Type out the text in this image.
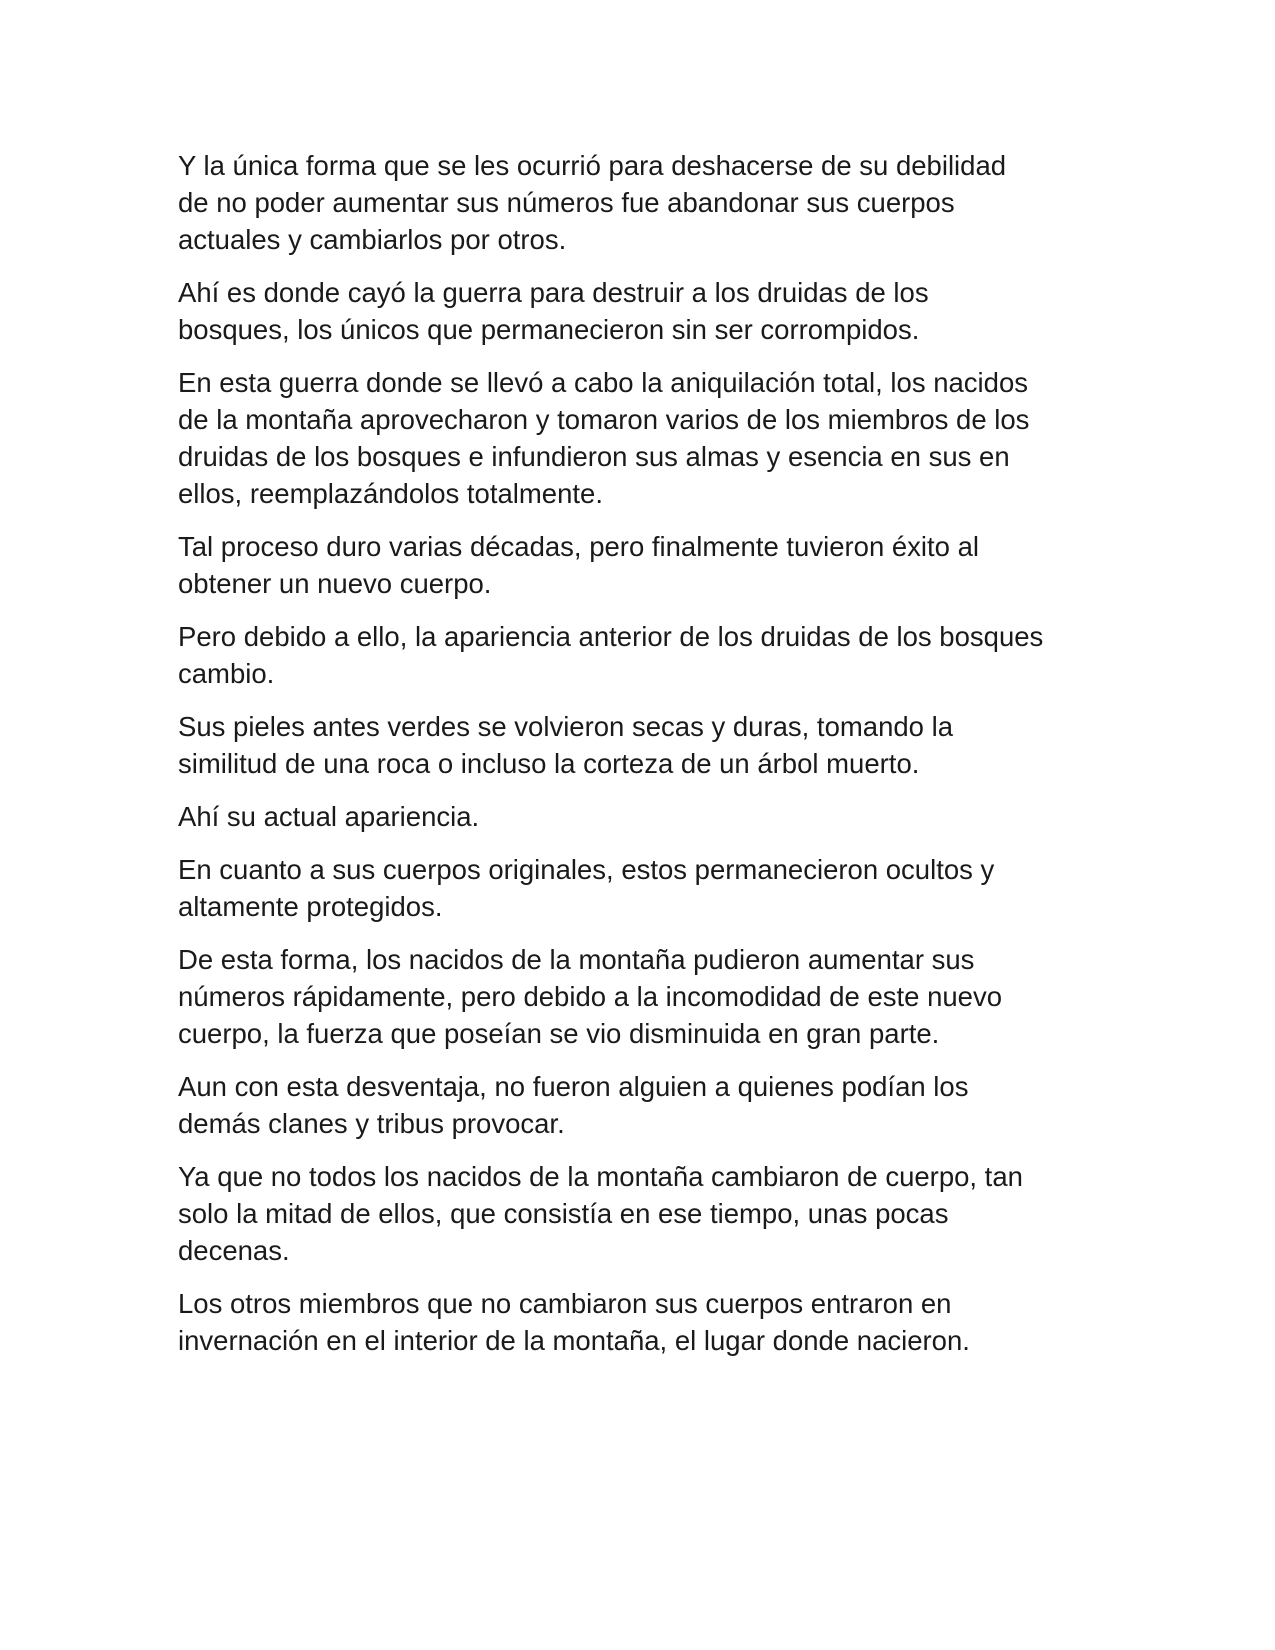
Y la única forma que se les ocurrió para deshacerse de su debilidad
de no poder aumentar sus números fue abandonar sus cuerpos
actuales y cambiarlos por otros.

Ahí es donde cayó la guerra para destruir a los druidas de los
bosques, los únicos que permanecieron sin ser corrompidos.

En esta guerra donde se llevó a cabo la aniquilación total, los nacidos
de la montaña aprovecharon y tomaron varios de los miembros de los
druidas de los bosques e infundieron sus almas y esencia en sus en
ellos, reemplazándolos totalmente.

Tal proceso duro varias décadas, pero finalmente tuvieron éxito al
obtener un nuevo cuerpo.

Pero debido a ello, la apariencia anterior de los druidas de los bosques
cambio.

Sus pieles antes verdes se volvieron secas y duras, tomando la
similitud de una roca o incluso la corteza de un árbol muerto.

Ahí su actual apariencia.

En cuanto a sus cuerpos originales, estos permanecieron ocultos y
altamente protegidos.

De esta forma, los nacidos de la montaña pudieron aumentar sus
números rápidamente, pero debido a la incomodidad de este nuevo
cuerpo, la fuerza que poseían se vio disminuida en gran parte.

Aun con esta desventaja, no fueron alguien a quienes podían los
demás clanes y tribus provocar.

Ya que no todos los nacidos de la montaña cambiaron de cuerpo, tan
solo la mitad de ellos, que consistía en ese tiempo, unas pocas
decenas.

Los otros miembros que no cambiaron sus cuerpos entraron en
invernación en el interior de la montaña, el lugar donde nacieron.
